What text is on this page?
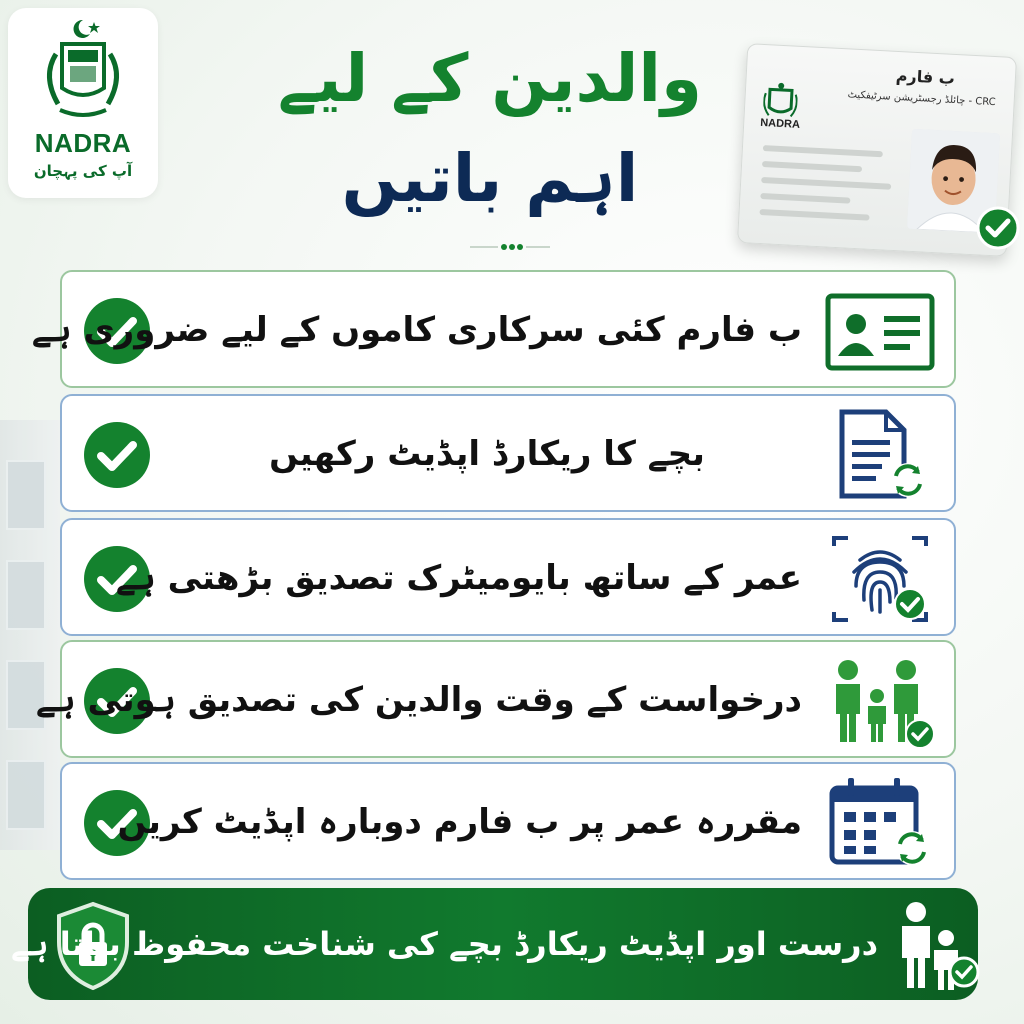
NADRA
آپ کی پہچان
والدین کے لیے
اہم باتیں
ب فارم
CRC - چائلڈ رجسٹریشن سرٹیفکیٹ
NADRA
ب فارم کئی سرکاری کاموں کے لیے ضروری ہے
بچے کا ریکارڈ اپڈیٹ رکھیں
عمر کے ساتھ بایومیٹرک تصدیق بڑھتی ہے
درخواست کے وقت والدین کی تصدیق ہوتی ہے
مقررہ عمر پر ب فارم دوبارہ اپڈیٹ کریں
درست اور اپڈیٹ ریکارڈ بچے کی شناخت محفوظ بناتا ہے
